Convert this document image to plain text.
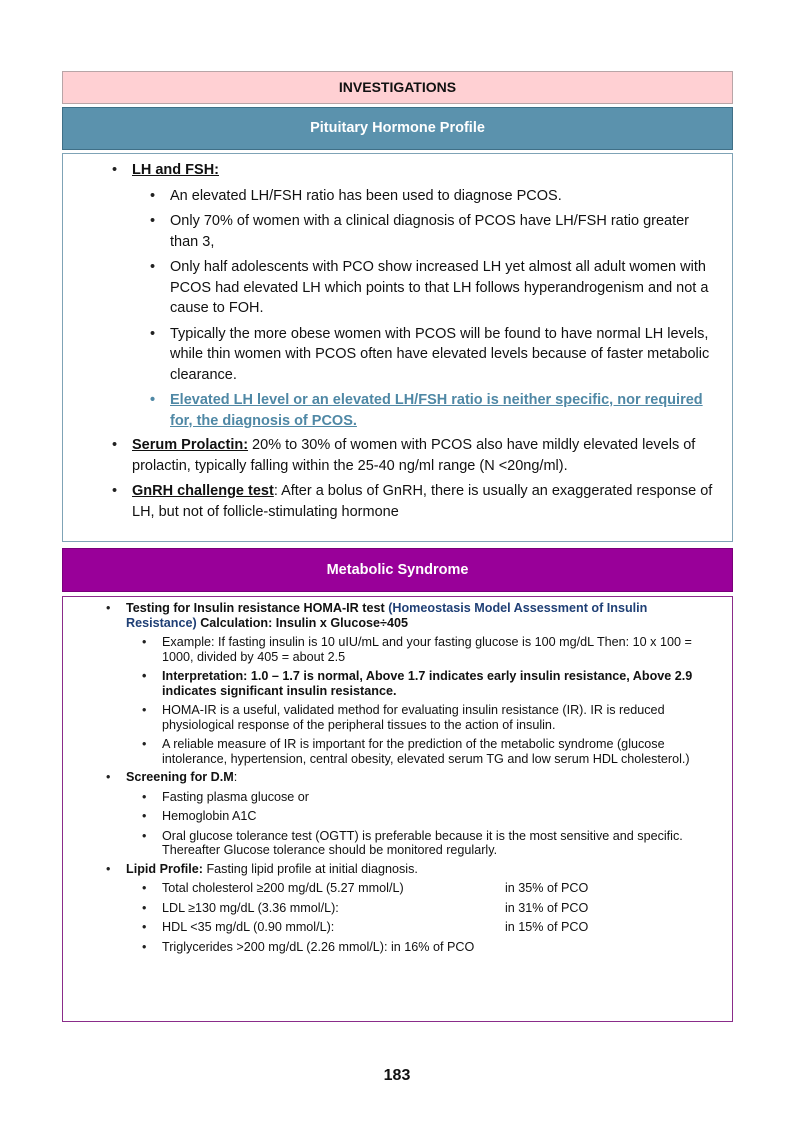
INVESTIGATIONS
Pituitary Hormone Profile
• LH and FSH:
• An elevated LH/FSH ratio has been used to diagnose PCOS.
• Only 70% of women with a clinical diagnosis of PCOS have LH/FSH ratio greater than 3,
• Only half adolescents with PCO show increased LH yet almost all adult women with PCOS had elevated LH which points to that LH follows hyperandrogenism and not a cause to FOH.
• Typically the more obese women with PCOS will be found to have normal LH levels, while thin women with PCOS often have elevated levels because of faster metabolic clearance.
• Elevated LH level or an elevated LH/FSH ratio is neither specific, nor required for, the diagnosis of PCOS.
• Serum Prolactin: 20% to 30% of women with PCOS also have mildly elevated levels of prolactin, typically falling within the 25-40 ng/ml range (N <20ng/ml).
• GnRH challenge test: After a bolus of GnRH, there is usually an exaggerated response of LH, but not of follicle-stimulating hormone
Metabolic Syndrome
• Testing for Insulin resistance HOMA-IR test (Homeostasis Model Assessment of Insulin Resistance) Calculation: Insulin x Glucose÷405
• Example: If fasting insulin is 10 uIU/mL and your fasting glucose is 100 mg/dL Then: 10 x 100 = 1000, divided by 405 = about 2.5
• Interpretation: 1.0 – 1.7 is normal, Above 1.7 indicates early insulin resistance, Above 2.9 indicates significant insulin resistance.
• HOMA-IR is a useful, validated method for evaluating insulin resistance (IR). IR is reduced physiological response of the peripheral tissues to the action of insulin.
• A reliable measure of IR is important for the prediction of the metabolic syndrome (glucose intolerance, hypertension, central obesity, elevated serum TG and low serum HDL cholesterol.)
• Screening for D.M:
• Fasting plasma glucose or
• Hemoglobin A1C
• Oral glucose tolerance test (OGTT) is preferable because it is the most sensitive and specific. Thereafter Glucose tolerance should be monitored regularly.
• Lipid Profile: Fasting lipid profile at initial diagnosis.
• Total cholesterol ≥200 mg/dL (5.27 mmol/L)	in 35% of PCO
• LDL ≥130 mg/dL (3.36 mmol/L):	in 31% of PCO
• HDL <35 mg/dL (0.90 mmol/L):	in 15% of PCO
• Triglycerides >200 mg/dL (2.26 mmol/L): in 16% of PCO
183
